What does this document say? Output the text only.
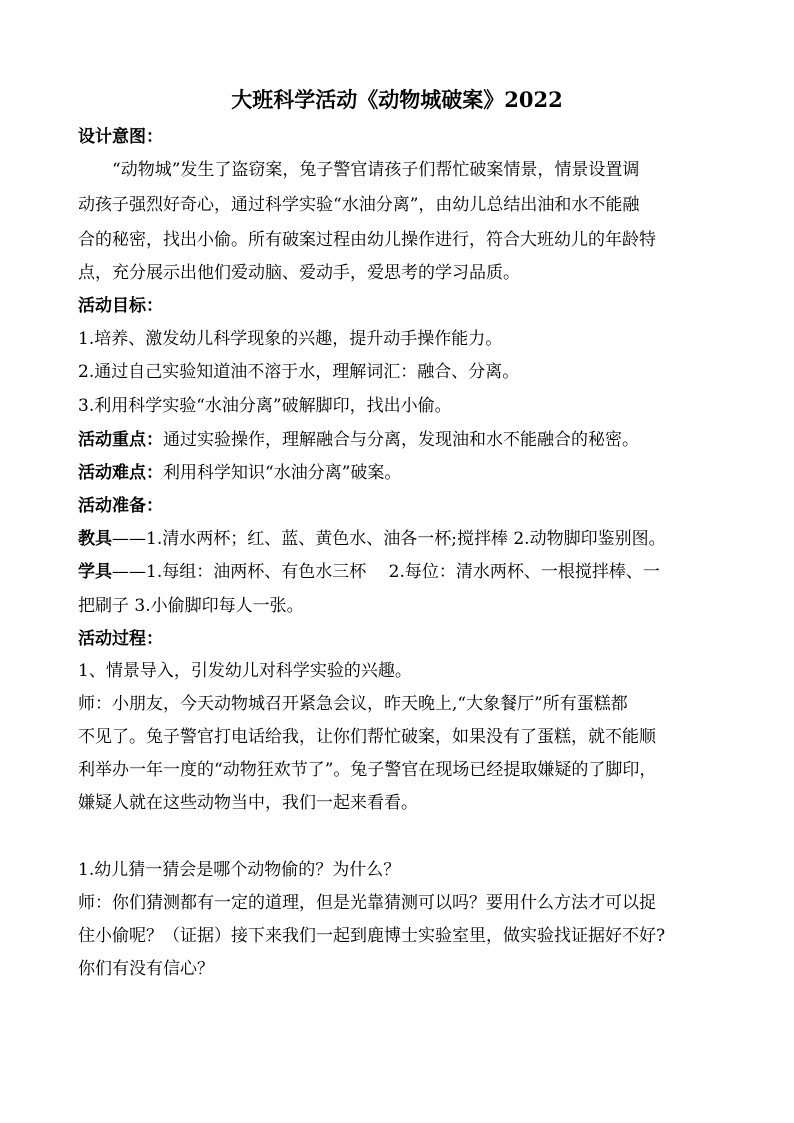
大班科学活动《动物城破案》2022
设计意图：
“动物城”发生了盗窃案，兔子警官请孩子们帮忙破案情景，情景设置调
动孩子强烈好奇心，通过科学实验“水油分离”，由幼儿总结出油和水不能融
合的秘密，找出小偷。所有破案过程由幼儿操作进行，符合大班幼儿的年龄特
点，充分展示出他们爱动脑、爱动手，爱思考的学习品质。
活动目标：
1.培养、激发幼儿科学现象的兴趣，提升动手操作能力。
2.通过自己实验知道油不溶于水，理解词汇：融合、分离。
3.利用科学实验“水油分离”破解脚印，找出小偷。
活动重点：通过实验操作，理解融合与分离，发现油和水不能融合的秘密。
活动难点：利用科学知识“水油分离”破案。
活动准备：
教具——1.清水两杯；红、蓝、黄色水、油各一杯;搅拌棒 2.动物脚印鉴别图。
学具——1.每组：油两杯、有色水三杯　 2.每位：清水两杯、一根搅拌棒、一
把刷子 3.小偷脚印每人一张。
活动过程：
1、情景导入，引发幼儿对科学实验的兴趣。
师：小朋友，今天动物城召开紧急会议，昨天晚上,“大象餐厅”所有蛋糕都
不见了。兔子警官打电话给我，让你们帮忙破案，如果没有了蛋糕，就不能顺
利举办一年一度的“动物狂欢节了”。兔子警官在现场已经提取嫌疑的了脚印，
嫌疑人就在这些动物当中，我们一起来看看。
1.幼儿猜一猜会是哪个动物偷的？为什么？
师：你们猜测都有一定的道理，但是光靠猜测可以吗？要用什么方法才可以捉
住小偷呢？（证据）接下来我们一起到鹿博士实验室里，做实验找证据好不好?
你们有没有信心？
